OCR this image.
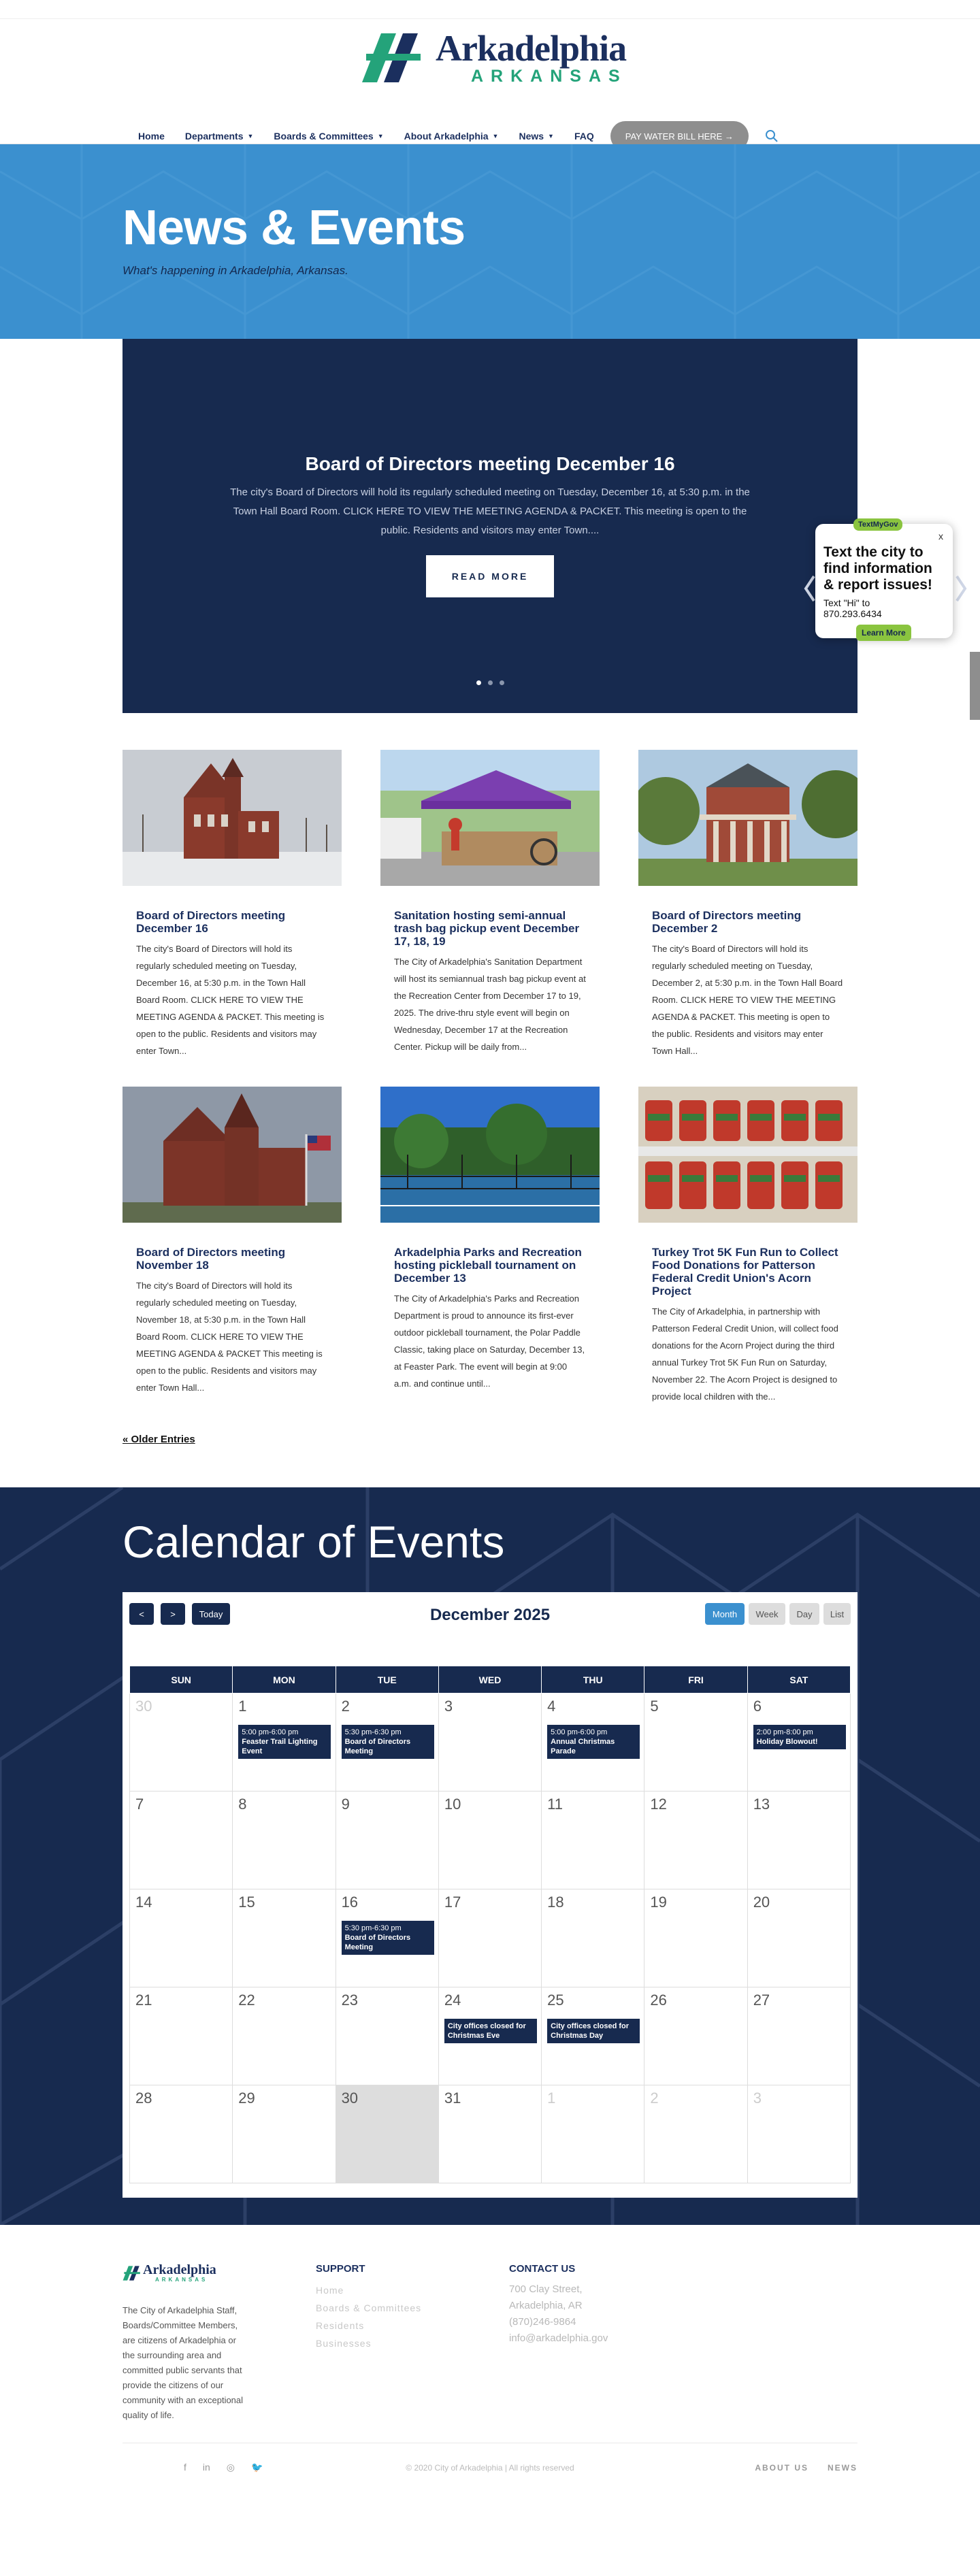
Arkadelphia
ARKANSAS
Home Departments ▼ Boards & Committees ▼ About Arkadelphia ▼ News ▼ FAQ	PAY WATER BILL HERE →
News & Events

What's happening in Arkadelphia, Arkansas.

Board of Directors meeting December 16

The city's Board of Directors will hold its regularly scheduled meeting on Tuesday, December 16, at 5:30 p.m. in the Town Hall Board Room. CLICK HERE TO VIEW THE MEETING AGENDA & PACKET. This meeting is open to the public. Residents and visitors may enter Town....

READ MORE
TextMyGov
x
Text the city to find information & report issues!
Text "Hi" to
870.293.6434
Learn More
Board of Directors meeting December 16

The city's Board of Directors will hold its regularly scheduled meeting on Tuesday, December 16, at 5:30 p.m. in the Town Hall Board Room. CLICK HERE TO VIEW THE MEETING AGENDA & PACKET. This meeting is open to the public. Residents and visitors may enter Town...

Sanitation hosting semi-annual trash bag pickup event December 17, 18, 19

The City of Arkadelphia's Sanitation Department will host its semiannual trash bag pickup event at the Recreation Center from December 17 to 19, 2025. The drive-thru style event will begin on Wednesday, December 17 at the Recreation Center. Pickup will be daily from...

Board of Directors meeting December 2

The city's Board of Directors will hold its regularly scheduled meeting on Tuesday, December 2, at 5:30 p.m. in the Town Hall Board Room. CLICK HERE TO VIEW THE MEETING AGENDA & PACKET. This meeting is open to the public. Residents and visitors may enter Town Hall...

Board of Directors meeting November 18

The city's Board of Directors will hold its regularly scheduled meeting on Tuesday, November 18, at 5:30 p.m. in the Town Hall Board Room. CLICK HERE TO VIEW THE MEETING AGENDA & PACKET This meeting is open to the public. Residents and visitors may enter Town Hall...

Arkadelphia Parks and Recreation hosting pickleball tournament on December 13

The City of Arkadelphia's Parks and Recreation Department is proud to announce its first-ever outdoor pickleball tournament, the Polar Paddle Classic, taking place on Saturday, December 13, at Feaster Park. The event will begin at 9:00 a.m. and continue until...

Turkey Trot 5K Fun Run to Collect Food Donations for Patterson Federal Credit Union's Acorn Project

The City of Arkadelphia, in partnership with Patterson Federal Credit Union, will collect food donations for the Acorn Project during the third annual Turkey Trot 5K Fun Run on Saturday, November 22. The Acorn Project is designed to provide local children with the...

« Older Entries
Calendar of Events
<	>	Today	December 2025	Month	Week	Day	List
SUN	MON	TUE	WED	THU	FRI	SAT

30	1
5:00 pm-6:00 pm
Feaster Trail Lighting Event	2
5:30 pm-6:30 pm
Board of Directors Meeting	3	4
5:00 pm-6:00 pm
Annual Christmas Parade	5	6
2:00 pm-8:00 pm
Holiday Blowout!

7	8	9	10	11	12	13

14	15	16
5:30 pm-6:30 pm
Board of Directors Meeting	17	18	19	20

21	22	23	24
City offices closed for Christmas Eve	25
City offices closed for Christmas Day	26	27

28	29	30	31	1	2	3
Arkadelphia
ARKANSAS

The City of Arkadelphia Staff, Boards/Committee Members, are citizens of Arkadelphia or the surrounding area and committed public servants that provide the citizens of our community with an exceptional quality of life.

SUPPORT
Home
Boards & Committees
Residents
Businesses
CONTACT US
700 Clay Street,
Arkadelphia, AR
(870)246-9864
info@arkadelphia.gov
f in ◎ 🐦	© 2020 City of Arkadelphia | All rights reserved	ABOUT US NEWS
